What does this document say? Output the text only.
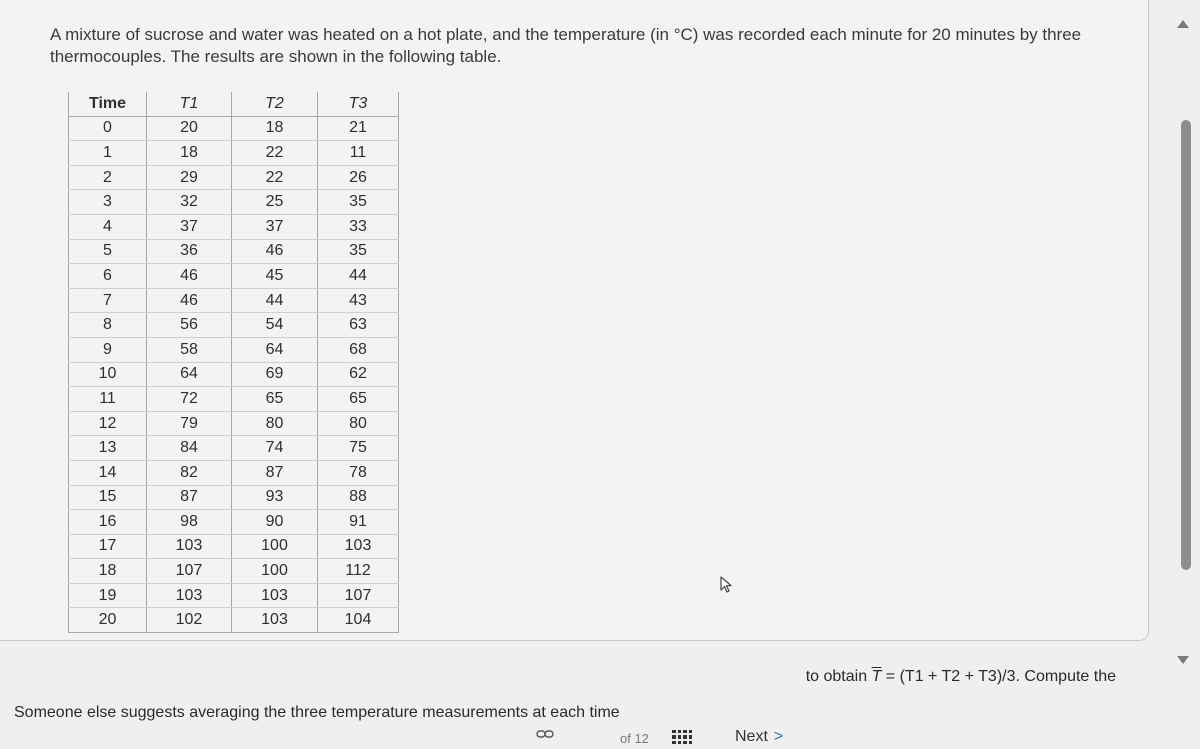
A mixture of sucrose and water was heated on a hot plate, and the temperature (in °C) was recorded each minute for 20 minutes by three thermocouples. The results are shown in the following table.

Time	T1	T2	T3
0	20	18	21
1	18	22	11
2	29	22	26
3	32	25	35
4	37	37	33
5	36	46	35
6	46	45	44
7	46	44	43
8	56	54	63
9	58	64	68
10	64	69	62
11	72	65	65
12	79	80	80
13	84	74	75
14	82	87	78
15	87	93	88
16	98	90	91
17	103	100	103
18	107	100	112
19	103	103	107
20	102	103	104
to obtain $\overline{T} = (T1 + T2 + T3)/3$. Compute the
Someone else suggests averaging the three temperature measurements at each time
of 12	Next >
